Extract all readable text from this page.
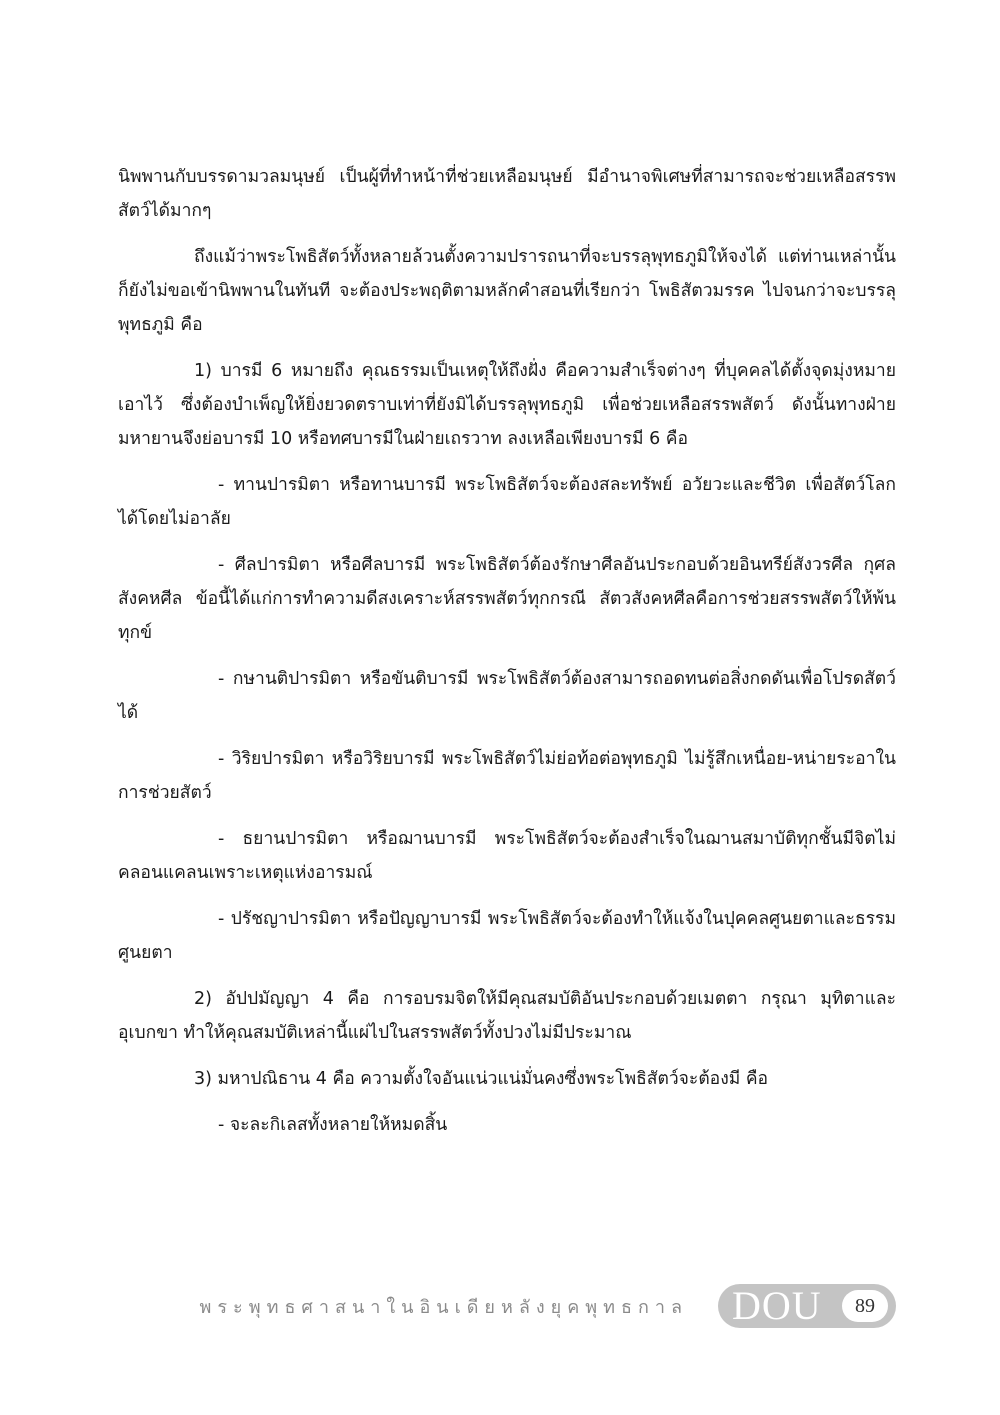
นิพพานกับบรรดามวลมนุษย์ เป็นผู้ที่ทำหน้าที่ช่วยเหลือมนุษย์ มีอำนาจพิเศษที่สามารถจะช่วยเหลือสรรพสัตว์ได้มากๆ

ถึงแม้ว่าพระโพธิสัตว์ทั้งหลายล้วนตั้งความปรารถนาที่จะบรรลุพุทธภูมิให้จงได้ แต่ท่านเหล่านั้นก็ยังไม่ขอเข้านิพพานในทันที จะต้องประพฤติตามหลักคำสอนที่เรียกว่า โพธิสัตวมรรค ไปจนกว่าจะบรรลุพุทธภูมิ คือ

1) บารมี 6 หมายถึง คุณธรรมเป็นเหตุให้ถึงฝั่ง คือความสำเร็จต่างๆ ที่บุคคลได้ตั้งจุดมุ่งหมายเอาไว้ ซึ่งต้องบำเพ็ญให้ยิ่งยวดตราบเท่าที่ยังมิได้บรรลุพุทธภูมิ เพื่อช่วยเหลือสรรพสัตว์ ดังนั้นทางฝ่ายมหายานจึงย่อบารมี 10 หรือทศบารมีในฝ่ายเถรวาท ลงเหลือเพียงบารมี 6 คือ

- ทานปารมิตา หรือทานบารมี พระโพธิสัตว์จะต้องสละทรัพย์ อวัยวะและชีวิต เพื่อสัตว์โลกได้โดยไม่อาลัย

- ศีลปารมิตา หรือศีลบารมี พระโพธิสัตว์ต้องรักษาศีลอันประกอบด้วยอินทรีย์สังวรศีล กุศลสังคหศีล ข้อนี้ได้แก่การทำความดีสงเคราะห์สรรพสัตว์ทุกกรณี สัตวสังคหศีลคือการช่วยสรรพสัตว์ให้พ้นทุกข์

- กษานติปารมิตา หรือขันติบารมี พระโพธิสัตว์ต้องสามารถอดทนต่อสิ่งกดดันเพื่อโปรดสัตว์ได้

- วิริยปารมิตา หรือวิริยบารมี พระโพธิสัตว์ไม่ย่อท้อต่อพุทธภูมิ ไม่รู้สึกเหนื่อย-หน่ายระอาในการช่วยสัตว์

- ธยานปารมิตา หรือฌานบารมี พระโพธิสัตว์จะต้องสำเร็จในฌานสมาบัติทุกชั้นมีจิตไม่คลอนแคลนเพราะเหตุแห่งอารมณ์

- ปรัชญาปารมิตา หรือปัญญาบารมี พระโพธิสัตว์จะต้องทำให้แจ้งในปุคคลศูนยตาและธรรมศูนยตา

2) อัปปมัญญา 4 คือ การอบรมจิตให้มีคุณสมบัติอันประกอบด้วยเมตตา กรุณา มุทิตาและอุเบกขา ทำให้คุณสมบัติเหล่านี้แผ่ไปในสรรพสัตว์ทั้งปวงไม่มีประมาณ

3) มหาปณิธาน 4 คือ ความตั้งใจอันแน่วแน่มั่นคงซึ่งพระโพธิสัตว์จะต้องมี คือ

- จะละกิเลสทั้งหลายให้หมดสิ้น

พระพุทธศาสนาในอินเดียหลังยุคพุทธกาล DOU	89
